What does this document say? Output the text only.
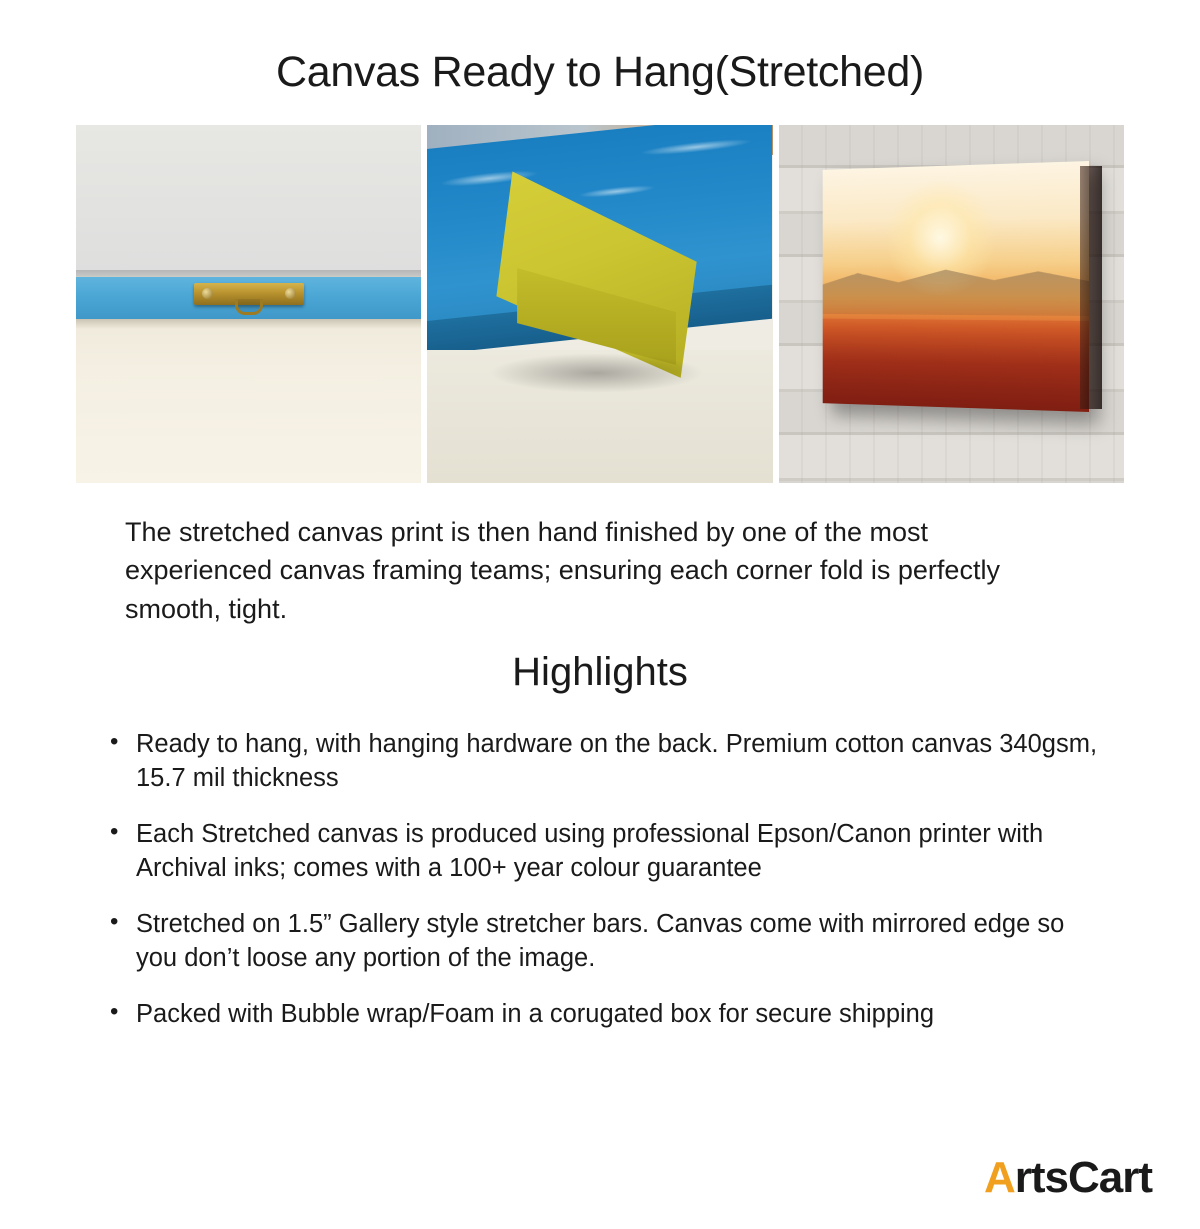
Canvas Ready to Hang(Stretched)

The stretched canvas print is then hand finished by one of the most experienced canvas framing teams; ensuring each corner fold is perfectly smooth, tight.

Highlights
• Ready to hang, with hanging hardware on the back. Premium cotton canvas 340gsm, 15.7 mil thickness
• Each Stretched canvas is produced using professional Epson/Canon printer with Archival inks; comes with a 100+ year colour guarantee
• Stretched on 1.5” Gallery style stretcher bars. Canvas come with mirrored edge so you don’t loose any portion of the image.
• Packed with Bubble wrap/Foam in a corugated box for secure shipping
A rts Cart
